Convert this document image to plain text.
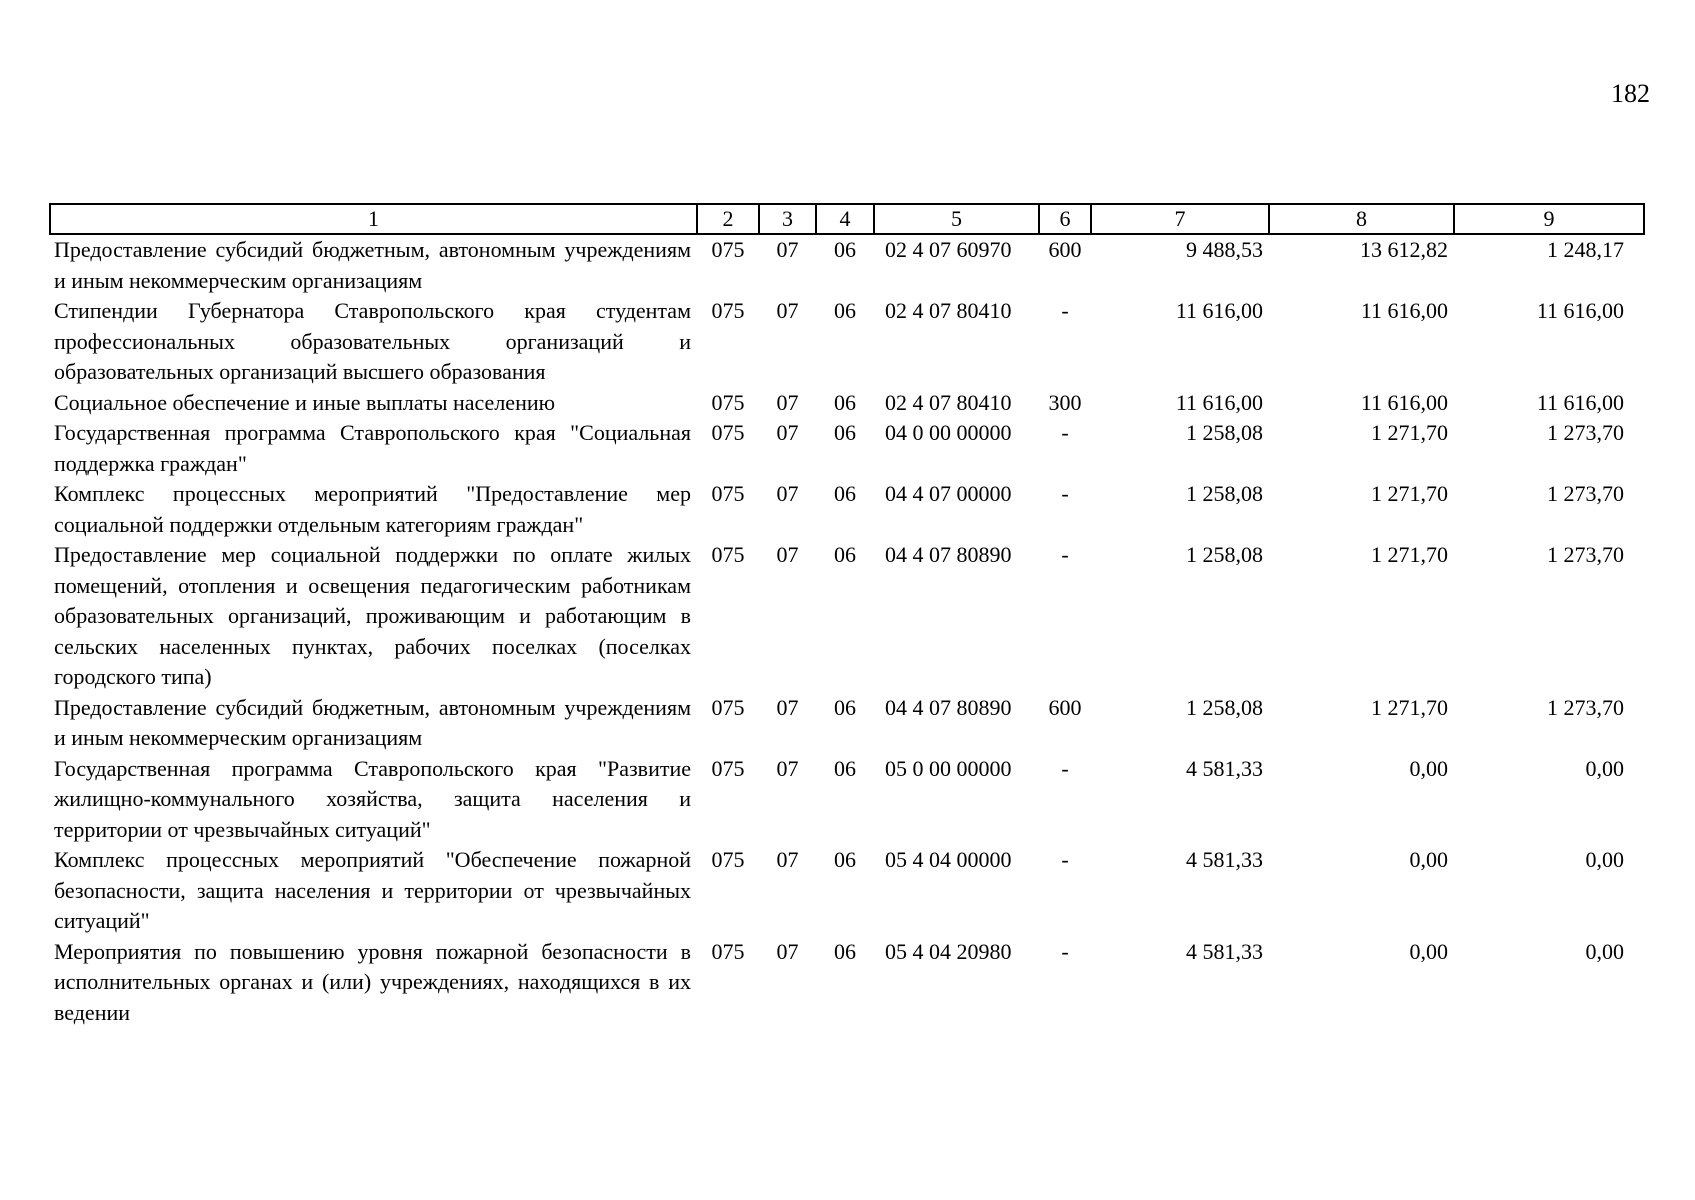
182
1	2	3	4	5	6	7	8	9
Предоставление субсидий бюджетным, автономным учреждениям и иным некоммерческим организациям	075	07	06	02 4 07 60970	600	9 488,53	13 612,82	1 248,17
Стипендии Губернатора Ставропольского края студентам профессиональных образовательных организаций и образовательных организаций высшего образования	075	07	06	02 4 07 80410	-	11 616,00	11 616,00	11 616,00
Социальное обеспечение и иные выплаты населению	075	07	06	02 4 07 80410	300	11 616,00	11 616,00	11 616,00
Государственная программа Ставропольского края "Социальная поддержка граждан"	075	07	06	04 0 00 00000	-	1 258,08	1 271,70	1 273,70
Комплекс процессных мероприятий "Предоставление мер социальной поддержки отдельным категориям граждан"	075	07	06	04 4 07 00000	-	1 258,08	1 271,70	1 273,70
Предоставление мер социальной поддержки по оплате жилых помещений, отопления и освещения педагогическим работникам образовательных организаций, проживающим и работающим в сельских населенных пунктах, рабочих поселках (поселках городского типа)	075	07	06	04 4 07 80890	-	1 258,08	1 271,70	1 273,70
Предоставление субсидий бюджетным, автономным учреждениям и иным некоммерческим организациям	075	07	06	04 4 07 80890	600	1 258,08	1 271,70	1 273,70
Государственная программа Ставропольского края "Развитие жилищно-коммунального хозяйства, защита населения и территории от чрезвычайных ситуаций"	075	07	06	05 0 00 00000	-	4 581,33	0,00	0,00
Комплекс процессных мероприятий "Обеспечение пожарной безопасности, защита населения и территории от чрезвычайных ситуаций"	075	07	06	05 4 04 00000	-	4 581,33	0,00	0,00
Мероприятия по повышению уровня пожарной безопасности в исполнительных органах и (или) учреждениях, находящихся в их ведении	075	07	06	05 4 04 20980	-	4 581,33	0,00	0,00
